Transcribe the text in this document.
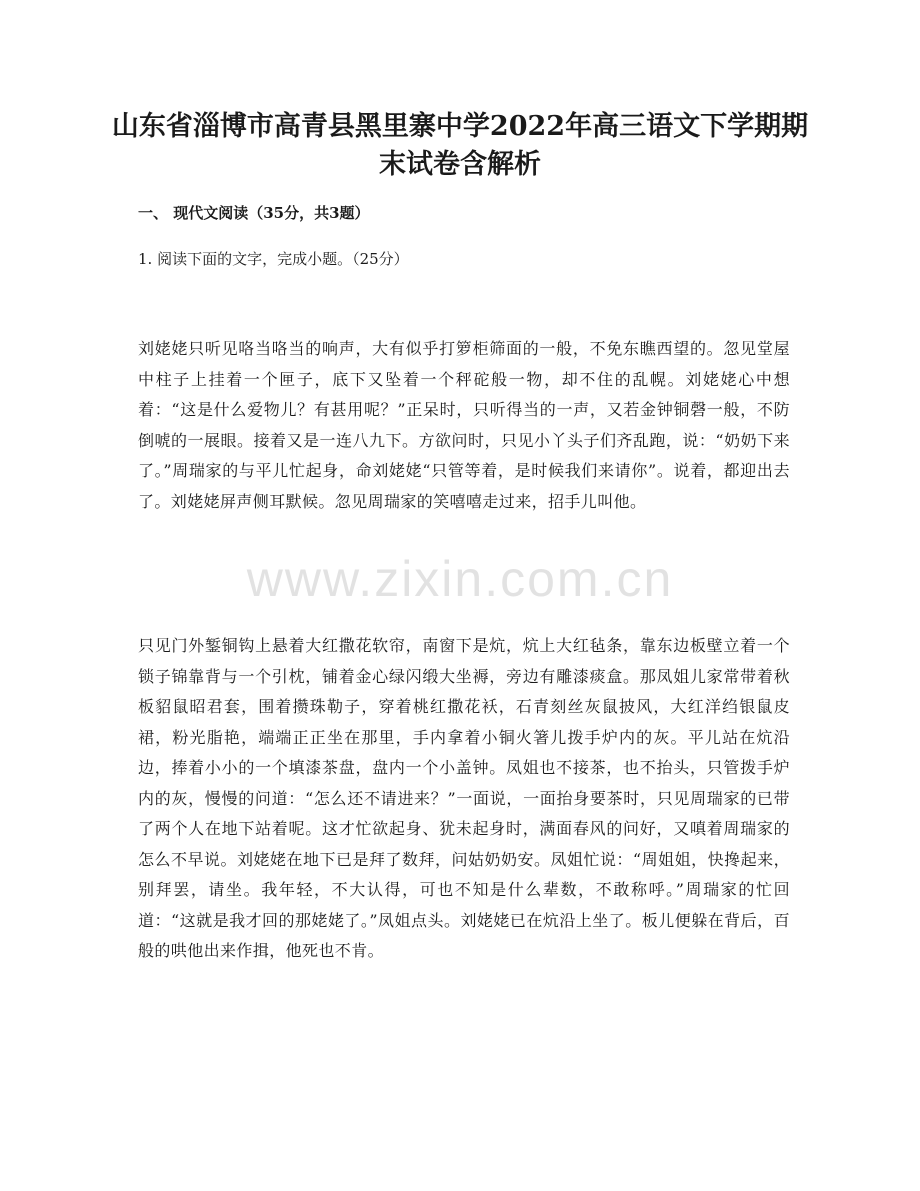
山东省淄博市高青县黑里寨中学2022年高三语文下学期期末试卷含解析

一、 现代文阅读（35分，共3题）

1. 阅读下面的文字，完成小题。（25分）

刘姥姥只听见咯当咯当的响声，大有似乎打箩柜筛面的一般，不免东瞧西望的。忽见堂屋中柱子上挂着一个匣子，底下又坠着一个秤砣般一物，却不住的乱幌。刘姥姥心中想着：“这是什么爱物儿？有甚用呢？”正呆时，只听得当的一声，又若金钟铜磬一般，不防倒唬的一展眼。接着又是一连八九下。方欲问时，只见小丫头子们齐乱跑，说：“奶奶下来了。”周瑞家的与平儿忙起身，命刘姥姥“只管等着，是时候我们来请你”。说着，都迎出去了。刘姥姥屏声侧耳默候。忽见周瑞家的笑嘻嘻走过来，招手儿叫他。

只见门外錾铜钩上悬着大红撒花软帘，南窗下是炕，炕上大红毡条，靠东边板壁立着一个锁子锦靠背与一个引枕，铺着金心绿闪缎大坐褥，旁边有雕漆痰盒。那凤姐儿家常带着秋板貂鼠昭君套，围着攒珠勒子，穿着桃红撒花袄，石青刻丝灰鼠披风，大红洋绉银鼠皮裙，粉光脂艳，端端正正坐在那里，手内拿着小铜火箸儿拨手炉内的灰。平儿站在炕沿边，捧着小小的一个填漆茶盘，盘内一个小盖钟。凤姐也不接茶，也不抬头，只管拨手炉内的灰，慢慢的问道：“怎么还不请进来？”一面说，一面抬身要茶时，只见周瑞家的已带了两个人在地下站着呢。这才忙欲起身、犹未起身时，满面春风的问好，又嗔着周瑞家的怎么不早说。刘姥姥在地下已是拜了数拜，问姑奶奶安。凤姐忙说：“周姐姐，快搀起来，别拜罢，请坐。我年轻，不大认得，可也不知是什么辈数，不敢称呼。”周瑞家的忙回道：“这就是我才回的那姥姥了。”凤姐点头。刘姥姥已在炕沿上坐了。板儿便躲在背后，百般的哄他出来作揖，他死也不肯。

www.zixin.com.cn
